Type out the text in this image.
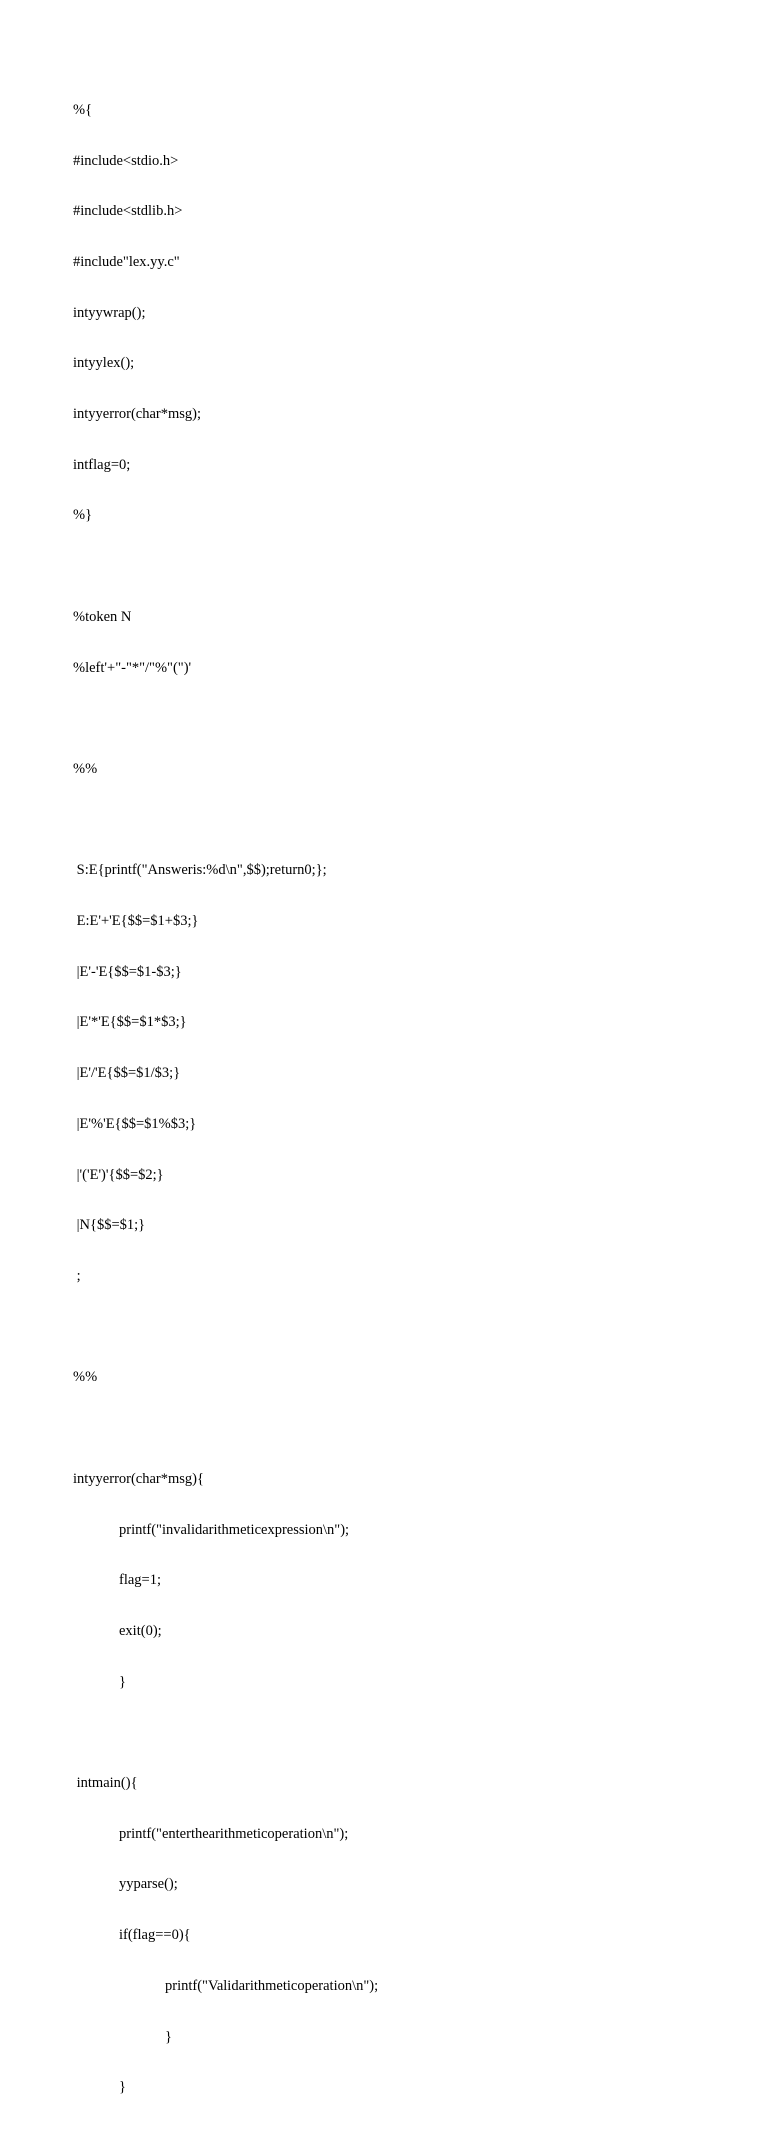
%{

#include<stdio.h>

#include<stdlib.h>

#include"lex.yy.c"

intyywrap();

intyylex();

intyyerror(char*msg);

intflag=0;

%}

%token N

%left'+"-"*"/"%"(")'

%%

S:E{printf("Answeris:%d\n",$$);return0;};

E:E'+'E{$$=$1+$3;}

|E'-'E{$$=$1-$3;}

|E'*'E{$$=$1*$3;}

|E'/'E{$$=$1/$3;}

|E'%'E{$$=$1%$3;}

|'('E')'{$$=$2;}

|N{$$=$1;}

;

%%

intyyerror(char*msg){

printf("invalidarithmeticexpression\n");

flag=1;

exit(0);

}

intmain(){

printf("enterthearithmeticoperation\n");

yyparse();

if(flag==0){

printf("Validarithmeticoperation\n");

}

}
